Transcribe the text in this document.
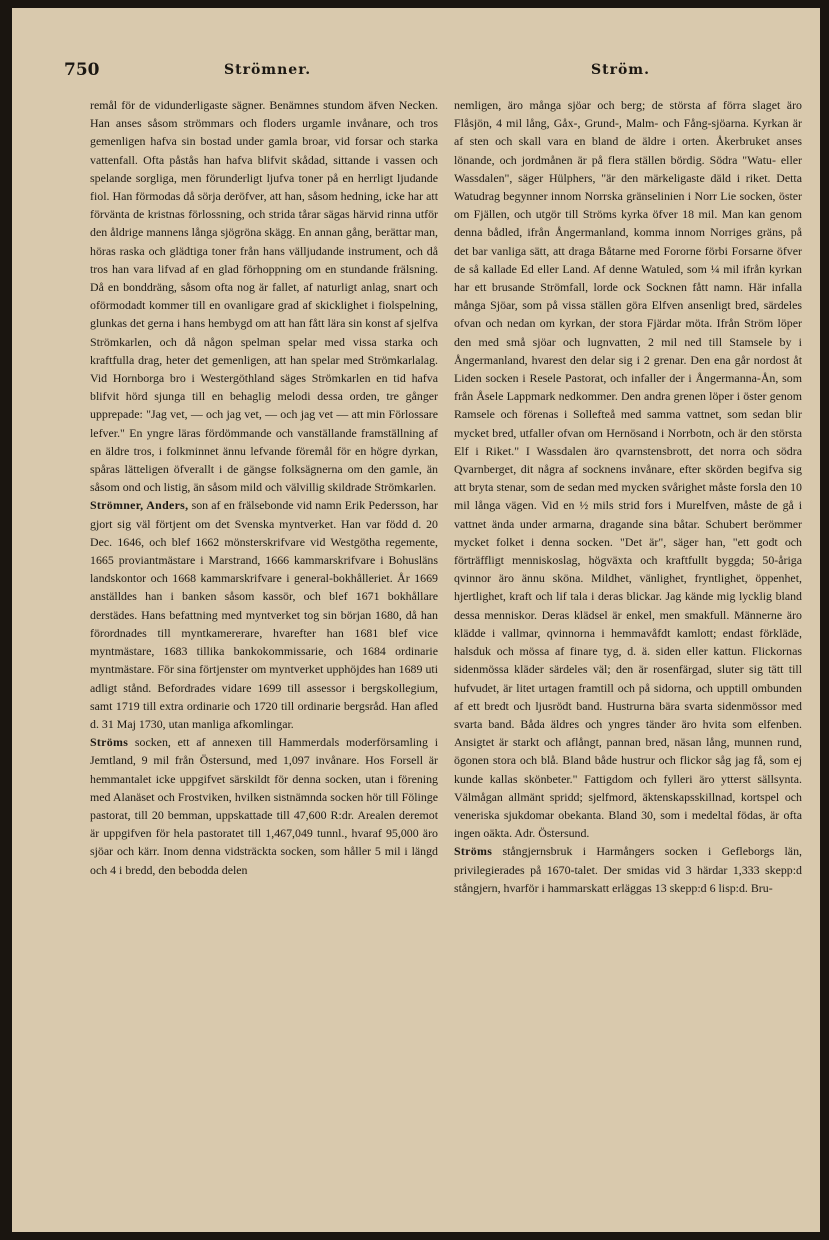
750	Strömner.	Ström.

remål för de vidunderligaste sägner. Benämnes stundom äfven Necken. Han anses såsom strömmars och floders urgamle invånare, och tros gemenligen hafva sin bostad under gamla broar, vid forsar och starka vattenfall. Ofta påstås han hafva blifvit skådad, sittande i vassen och spelande sorgliga, men förunderligt ljufva toner på en herrligt ljudande fiol. Han förmodas då sörja deröfver, att han, såsom hedning, icke har att förvänta de kristnas förlossning, och strida tårar sägas härvid rinna utför den åldrige mannens långa sjögröna skägg. En annan gång, berättar man, höras raska och glädtiga toner från hans välljudande instrument, och då tros han vara lifvad af en glad förhoppning om en stundande frälsning. Då en bonddräng, såsom ofta nog är fallet, af naturligt anlag, snart och oförmodadt kommer till en ovanligare grad af skicklighet i fiolspelning, glunkas det gerna i hans hembygd om att han fått lära sin konst af sjelfva Strömkarlen, och då någon spelman spelar med vissa starka och kraftfulla drag, heter det gemenligen, att han spelar med Strömkarlalag. Vid Hornborga bro i Westergöthland säges Strömkarlen en tid hafva blifvit hörd sjunga till en behaglig melodi dessa orden, tre gånger upprepade: "Jag vet, — och jag vet, — och jag vet — att min Förlossare lefver." En yngre läras fördömmande och vanställande framställning af en äldre tros, i folkminnet ännu lefvande föremål för en högre dyrkan, spåras lätteligen öfverallt i de gängse folksägnerna om den gamle, än såsom ond och listig, än såsom mild och välvillig skildrade Strömkarlen.

Strömner, Anders, son af en frälsebonde vid namn Erik Pedersson, har gjort sig väl förtjent om det Svenska myntverket. Han var född d. 20 Dec. 1646, och blef 1662 mönsterskrifvare vid Westgötha regemente, 1665 proviantmästare i Marstrand, 1666 kammarskrifvare i Bohusläns landskontor och 1668 kammarskrifvare i general-bokhålleriet. År 1669 anställdes han i banken såsom kassör, och blef 1671 bokhållare derstädes. Hans befattning med myntverket tog sin början 1680, då han förordnades till myntkamererare, hvarefter han 1681 blef vice myntmästare, 1683 tillika bankokommissarie, och 1684 ordinarie myntmästare. För sina förtjenster om myntverket upphöjdes han 1689 uti adligt stånd. Befordrades vidare 1699 till assessor i bergskollegium, samt 1719 till extra ordinarie och 1720 till ordinarie bergsråd. Han afled d. 31 Maj 1730, utan manliga afkomlingar.

Ströms socken, ett af annexen till Hammerdals moderförsamling i Jemtland, 9 mil från Östersund, med 1,097 invånare. Hos Forsell är hemmantalet icke uppgifvet särskildt för denna socken, utan i förening med Alanäset och Frostviken, hvilken sistnämnda socken hör till Fölinge pastorat, till 20 bemman, uppskattade till 47,600 R:dr. Arealen deremot är uppgifven för hela pastoratet till 1,467,049 tunnl., hvaraf 95,000 äro sjöar och kärr. Inom denna vidsträckta socken, som håller 5 mil i längd och 4 i bredd, den bebodda delen

nemligen, äro många sjöar och berg; de största af förra slaget äro Flåsjön, 4 mil lång, Gåx-, Grund-, Malm- och Fång-sjöarna. Kyrkan är af sten och skall vara en bland de äldre i orten. Åkerbruket anses lönande, och jordmånen är på flera ställen bördig. Södra "Watu- eller Wassdalen", säger Hülphers, "är den märkeligaste däld i riket. Detta Watudrag begynner innom Norrska gränselinien i Norr Lie socken, öster om Fjällen, och utgör till Ströms kyrka öfver 18 mil. Man kan genom denna bådled, ifrån Ångermanland, komma innom Norriges gräns, på det bar vanliga sätt, att draga Båtarne med Fororne förbi Forsarne öfver de så kallade Ed eller Land. Af denne Watuled, som ¼ mil ifrån kyrkan har ett brusande Strömfall, lorde ock Socknen fått namn. Här infalla många Sjöar, som på vissa ställen göra Elfven ansenligt bred, särdeles ofvan och nedan om kyrkan, der stora Fjärdar möta. Ifrån Ström löper den med små sjöar och lugnvatten, 2 mil ned till Stamsele by i Ångermanland, hvarest den delar sig i 2 grenar. Den ena går nordost åt Liden socken i Resele Pastorat, och infaller der i Ångermanna-Ån, som från Åsele Lappmark nedkommer. Den andra grenen löper i öster genom Ramsele och förenas i Sollefteå med samma vattnet, som sedan blir mycket bred, utfaller ofvan om Hernösand i Norrbotn, och är den största Elf i Riket." I Wassdalen äro qvarnstensbrott, det norra och södra Qvarnberget, dit några af socknens invånare, efter skörden begifva sig att bryta stenar, som de sedan med mycken svårighet måste forsla den 10 mil långa vägen. Vid en ½ mils strid fors i Murelfven, måste de gå i vattnet ända under armarna, dragande sina båtar. Schubert berömmer mycket folket i denna socken. "Det är", säger han, "ett godt och förträffligt menniskoslag, högväxta och kraftfullt byggda; 50-åriga qvinnor äro ännu sköna. Mildhet, vänlighet, fryntlighet, öppenhet, hjertlighet, kraft och lif tala i deras blickar. Jag kände mig lycklig bland dessa menniskor. Deras klädsel är enkel, men smakfull. Männerne äro klädde i vallmar, qvinnorna i hemmavåfdt kamlott; endast förkläde, halsduk och mössa af finare tyg, d. ä. siden eller kattun. Flickornas sidenmössa kläder särdeles väl; den är rosenfärgad, sluter sig tätt till hufvudet, är litet urtagen framtill och på sidorna, och upptill ombunden af ett bredt och ljusrödt band. Hustrurna bära svarta sidenmössor med svarta band. Båda äldres och yngres tänder äro hvita som elfenben. Ansigtet är starkt och aflångt, pannan bred, näsan lång, munnen rund, ögonen stora och blå. Bland både hustrur och flickor såg jag få, som ej kunde kallas skönbeter." Fattigdom och fylleri äro ytterst sällsynta. Välmågan allmänt spridd; sjelfmord, äktenskapsskillnad, kortspel och veneriska sjukdomar obekanta. Bland 30, som i medeltal födas, är ofta ingen oäkta. Adr. Östersund.

Ströms stångjernsbruk i Harmångers socken i Gefleborgs län, privilegierades på 1670-talet. Der smidas vid 3 härdar 1,333 skepp:d stångjern, hvarför i hammarskatt erläggas 13 skepp:d 6 lisp:d. Bru-
